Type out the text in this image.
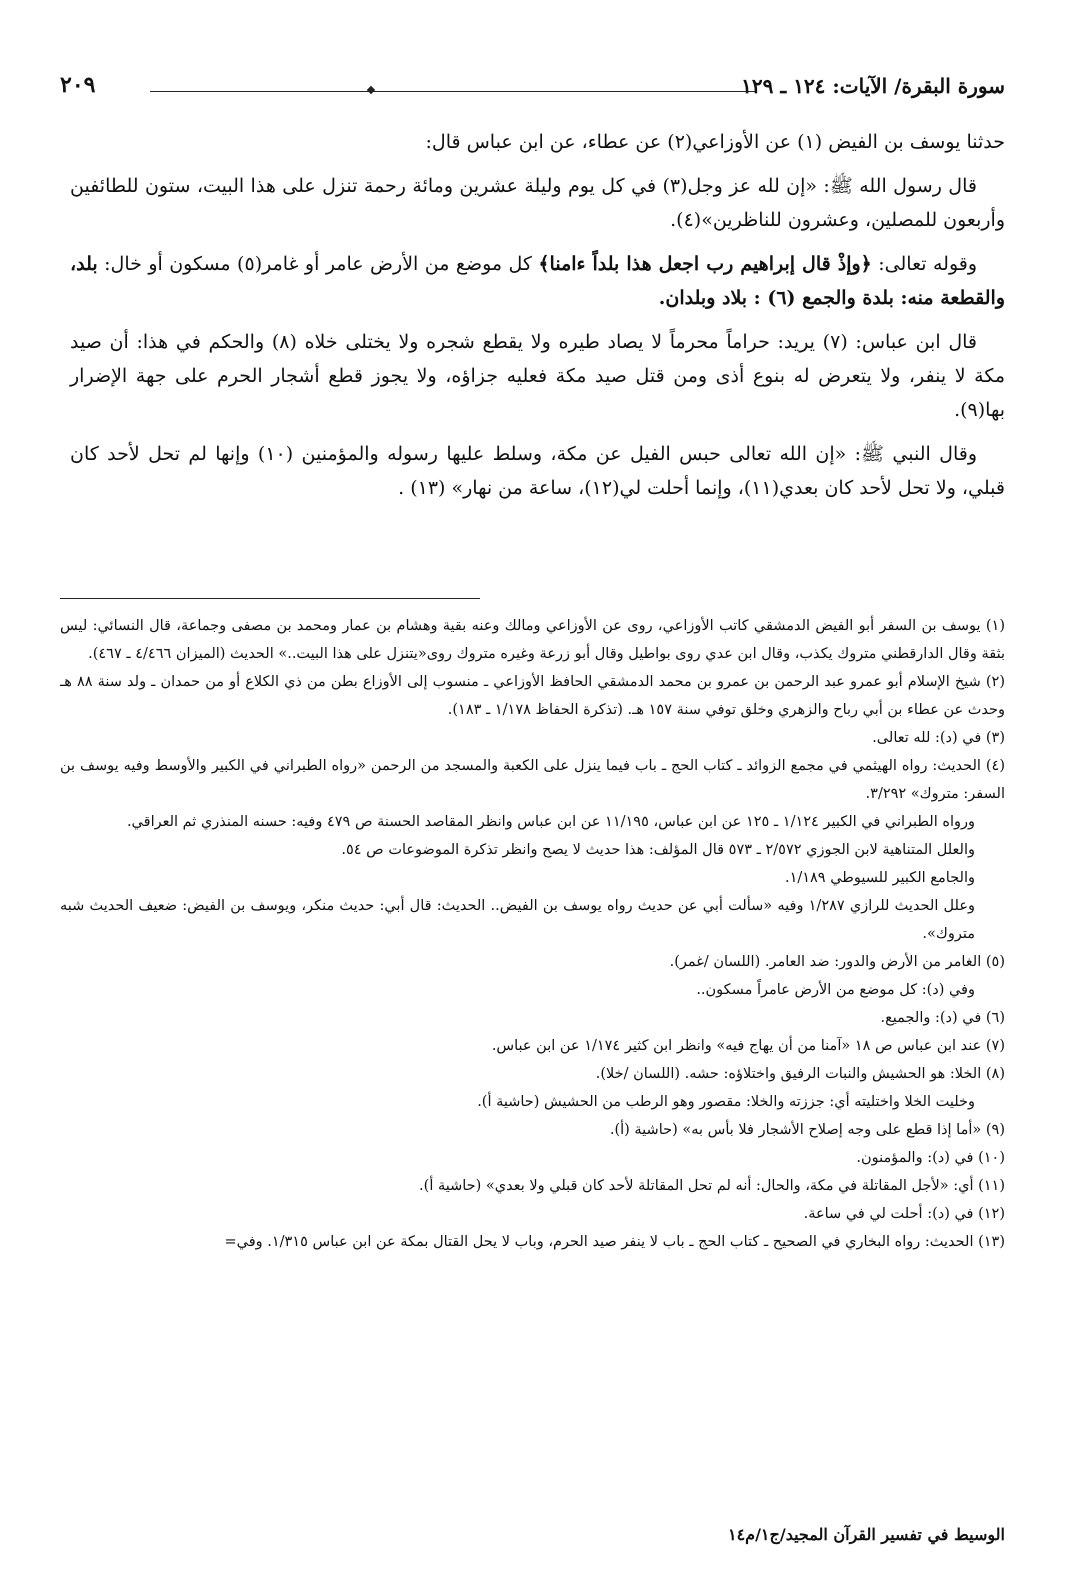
سورة البقرة/ الآيات: ١٢٤ ـ ١٢٩
٢٠٩

حدثنا يوسف بن الفيض (١) عن الأوزاعي(٢) عن عطاء، عن ابن عباس قال:

قال رسول الله ﷺ: «إن لله عز وجل(٣) في كل يوم وليلة عشرين ومائة رحمة تنزل على هذا البيت، ستون للطائفين وأربعون للمصلين، وعشرون للناظرين»(٤).

وقوله تعالى: ﴿وإذْ قال إبراهيم رب اجعل هذا بلداً ءامنا﴾ كل موضع من الأرض عامر أو غامر(٥) مسكون أو خال: بلد، والقطعة منه: بلدة والجمع (٦) : بلاد وبلدان.

قال ابن عباس: (٧) يريد: حراماً محرماً لا يصاد طيره ولا يقطع شجره ولا يختلى خلاه (٨) والحكم في هذا: أن صيد مكة لا ينفر، ولا يتعرض له بنوع أذى ومن قتل صيد مكة فعليه جزاؤه، ولا يجوز قطع أشجار الحرم على جهة الإضرار بها(٩).

وقال النبي ﷺ: «إن الله تعالى حبس الفيل عن مكة، وسلط عليها رسوله والمؤمنين (١٠) وإنها لم تحل لأحد كان قبلي، ولا تحل لأحد كان بعدي(١١)، وإنما أحلت لي(١٢)، ساعة من نهار» (١٣) .

(١) يوسف بن السفر أبو الفيض الدمشقي كاتب الأوزاعي، روى عن الأوزاعي ومالك وعنه بقية وهشام بن عمار ومحمد بن مصفى وجماعة، قال النسائي: ليس بثقة وقال الدارقطني متروك يكذب، وقال ابن عدي روى بواطيل وقال أبو زرعة وغيره متروك روى«يتنزل على هذا البيت..» الحديث (الميزان ٤/٤٦٦ ـ ٤٦٧).

(٢) شيخ الإسلام أبو عمرو عبد الرحمن بن عمرو بن محمد الدمشقي الحافظ الأوزاعي ـ منسوب إلى الأوزاع بطن من ذي الكلاع أو من حمدان ـ ولد سنة ٨٨ هـ وحدث عن عطاء بن أبي رباح والزهري وخلق توفي سنة ١٥٧ هـ. (تذكرة الحفاظ ١/١٧٨ ـ ١٨٣).

(٣) في (د): لله تعالى.

(٤) الحديث: رواه الهيثمي في مجمع الزوائد ـ كتاب الحج ـ باب فيما ينزل على الكعبة والمسجد من الرحمن «رواه الطبراني في الكبير والأوسط وفيه يوسف بن السفر: متروك» ٣/٢٩٢.

ورواه الطبراني في الكبير ١/١٢٤ ـ ١٢٥ عن ابن عباس، ١١/١٩٥ عن ابن عباس وانظر المقاصد الحسنة ص ٤٧٩ وفيه: حسنه المنذري ثم العراقي.

والعلل المتناهية لابن الجوزي ٢/٥٧٢ ـ ٥٧٣ قال المؤلف: هذا حديث لا يصح وانظر تذكرة الموضوعات ص ٥٤.

والجامع الكبير للسيوطي ١/١٨٩.

وعلل الحديث للرازي ١/٢٨٧ وفيه «سألت أبي عن حديث رواه يوسف بن الفيض.. الحديث: قال أبي: حديث منكر، ويوسف بن الفيض: ضعيف الحديث شبه متروك».

(٥) الغامر من الأرض والدور: ضد العامر. (اللسان /غمر).

وفي (د): كل موضع من الأرض عامراً مسكون..

(٦) في (د): والجميع.

(٧) عند ابن عباس ص ١٨ «آمنا من أن يهاج فيه» وانظر ابن كثير ١/١٧٤ عن ابن عباس.

(٨) الخلا: هو الحشيش والنبات الرفيق واختلاؤه: حشه. (اللسان /خلا).

وخليت الخلا واختليته أي: جززته والخلا: مقصور وهو الرطب من الحشيش (حاشية أ).

(٩) «أما إذا قطع على وجه إصلاح الأشجار فلا بأس به» (حاشية (أ).

(١٠) في (د): والمؤمنون.

(١١) أي: «لأجل المقاتلة في مكة، والحال: أنه لم تحل المقاتلة لأحد كان قبلي ولا بعدي» (حاشية أ).

(١٢) في (د): أحلت لي في ساعة.

(١٣) الحديث: رواه البخاري في الصحيح ـ كتاب الحج ـ باب لا ينفر صيد الحرم، وباب لا يحل القتال بمكة عن ابن عباس ١/٣١٥. وفي=

الوسيط في تفسير القرآن المجيد/ج١/م١٤
